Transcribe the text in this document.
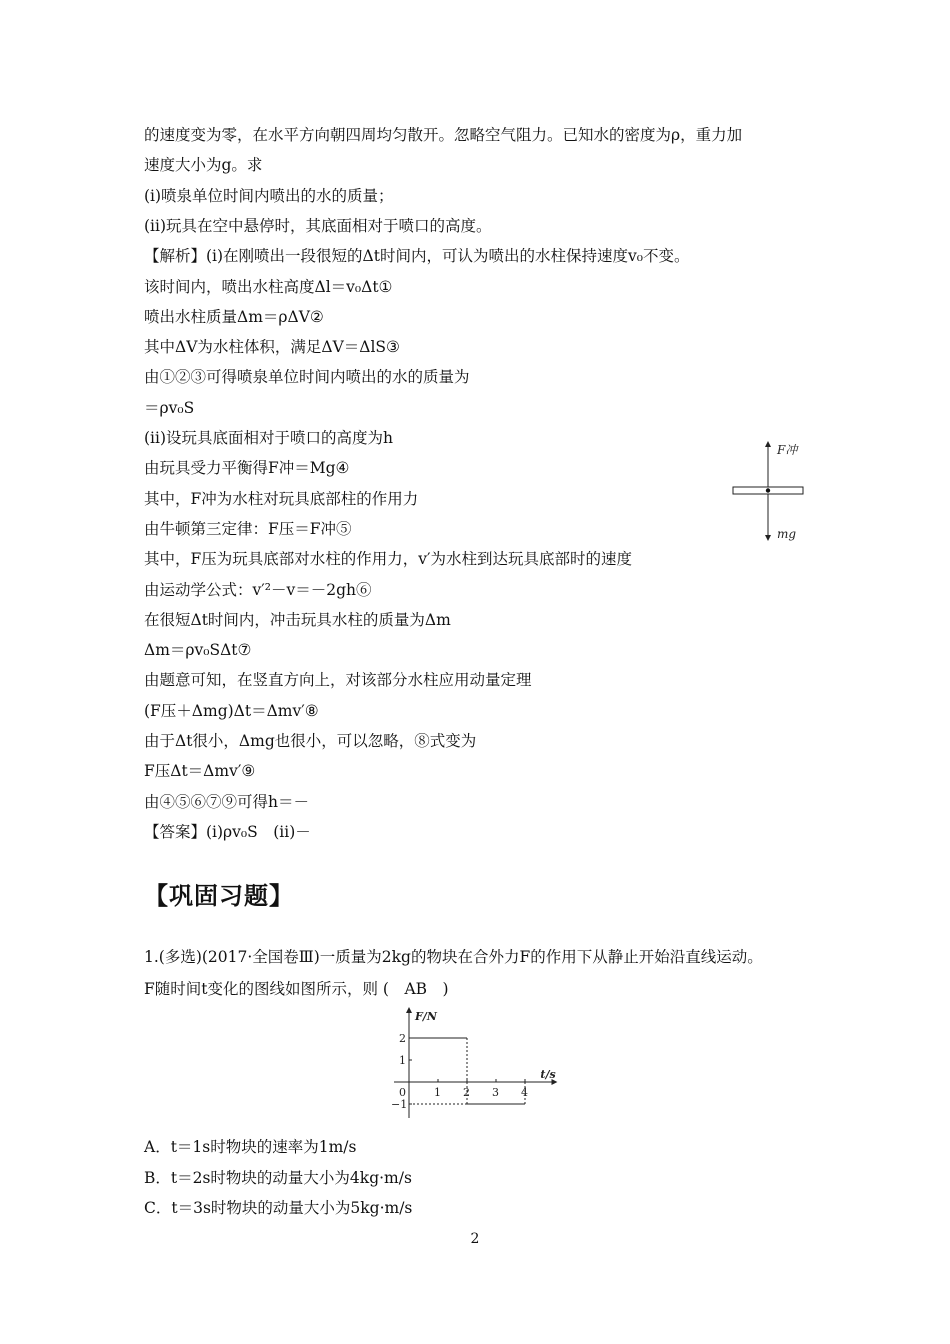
的速度变为零，在水平方向朝四周均匀散开。忽略空气阻力。已知水的密度为ρ，重力加
速度大小为g。求
(ⅰ)喷泉单位时间内喷出的水的质量；
(ⅱ)玩具在空中悬停时，其底面相对于喷口的高度。
【解析】(ⅰ)在刚喷出一段很短的Δt时间内，可认为喷出的水柱保持速度v₀不变。
该时间内，喷出水柱高度Δl＝v₀Δt①
喷出水柱质量Δm＝ρΔV②
其中ΔV为水柱体积，满足ΔV＝ΔlS③
由①②③可得喷泉单位时间内喷出的水的质量为
＝ρv₀S
(ⅱ)设玩具底面相对于喷口的高度为h
由玩具受力平衡得F冲＝Mg④
其中，F冲为水柱对玩具底部柱的作用力
由牛顿第三定律：F压＝F冲⑤
其中，F压为玩具底部对水柱的作用力，v′为水柱到达玩具底部时的速度
由运动学公式：v′²－v＝－2gh⑥
在很短Δt时间内，冲击玩具水柱的质量为Δm
Δm＝ρv₀SΔt⑦
由题意可知，在竖直方向上，对该部分水柱应用动量定理
(F压＋Δmg)Δt＝Δmv′⑧
由于Δt很小，Δmg也很小，可以忽略，⑧式变为
F压Δt＝Δmv′⑨
由④⑤⑥⑦⑨可得h＝－
【答案】(ⅰ)ρv₀S　(ⅱ)－
F冲
mg
【巩固习题】
1.(多选)(2017·全国卷Ⅲ)一质量为2kg的物块在合外力F的作用下从静止开始沿直线运动。
F随时间t变化的图线如图所示，则 (　AB　)
0	1 2 3 4
2
1
−1
F/N
t/s
A．t＝1s时物块的速率为1m/s
B．t＝2s时物块的动量大小为4kg·m/s
C．t＝3s时物块的动量大小为5kg·m/s
2
